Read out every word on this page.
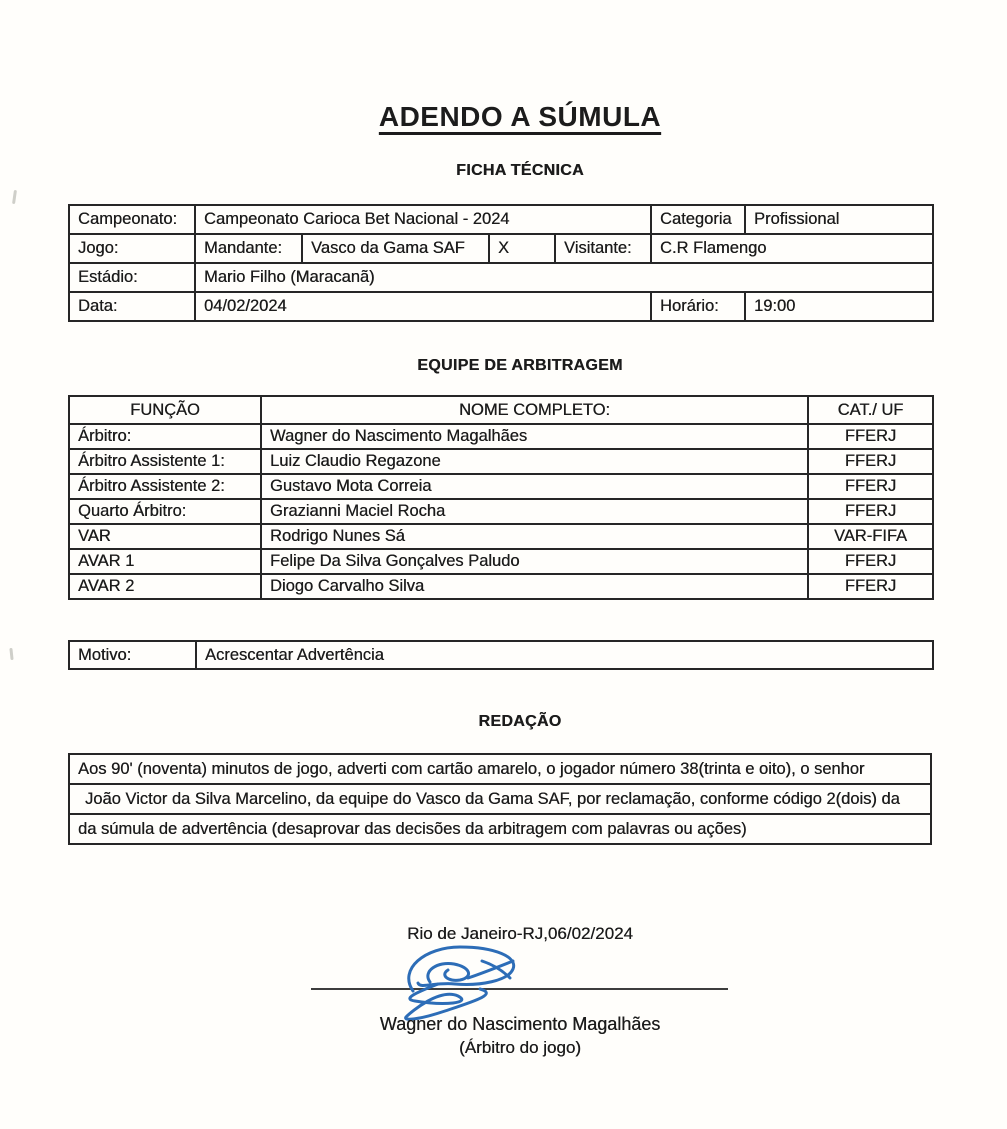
ADENDO A SÚMULA
FICHA TÉCNICA
Campeonato:	Campeonato Carioca Bet Nacional - 2024				Categoria	Profissional
Jogo:	Mandante:	Vasco da Gama SAF	X	Visitante:	C.R Flamengo	
Estádio:	Mario Filho (Maracanã)					
Data:	04/02/2024				Horário:	19:00
EQUIPE DE ARBITRAGEM
FUNÇÃO	NOME COMPLETO:	CAT./ UF
Árbitro:	Wagner do Nascimento Magalhães	FFERJ
Árbitro Assistente 1:	Luiz Claudio Regazone	FFERJ
Árbitro Assistente 2:	Gustavo Mota Correia	FFERJ
Quarto Árbitro:	Grazianni Maciel Rocha	FFERJ
VAR	Rodrigo Nunes Sá	VAR-FIFA
AVAR 1	Felipe Da Silva Gonçalves Paludo	FFERJ
AVAR 2	Diogo Carvalho Silva	FFERJ
Motivo:	Acrescentar Advertência
REDAÇÃO
Aos 90' (noventa) minutos de jogo, adverti com cartão amarelo, o jogador número 38(trinta e oito), o senhor
João Victor da Silva Marcelino, da equipe do Vasco da Gama SAF, por reclamação, conforme código 2(dois) da
da súmula de advertência (desaprovar das decisões da arbitragem com palavras ou ações)
Rio de Janeiro-RJ,06/02/2024
Wagner do Nascimento Magalhães
(Árbitro do jogo)
